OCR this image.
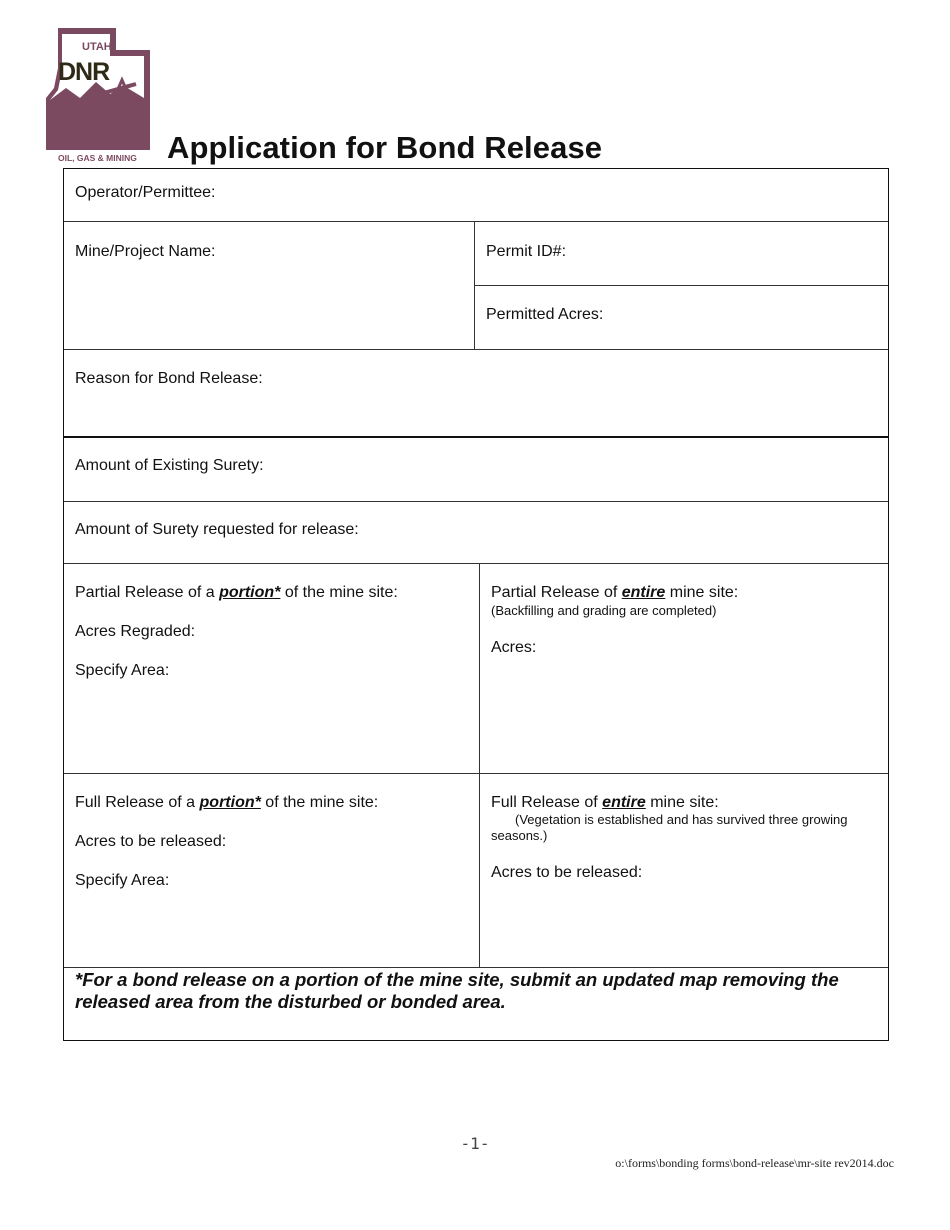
UTAH
DNR
OIL, GAS & MINING Application for Bond Release
Operator/Permittee:
Mine/Project Name:	Permit ID#:
Permitted Acres:
Reason for Bond Release:
Amount of Existing Surety:
Amount of Surety requested for release:
Partial Release of a portion* of the mine site:
Acres Regraded:
Specify Area:
Partial Release of entire mine site:
(Backfilling and grading are completed)
Acres:
Full Release of a portion* of the mine site:
Acres to be released:
Specify Area:
Full Release of entire mine site:
(Vegetation is established and has survived three growing
seasons.)
Acres to be released:
*For a bond release on a portion of the mine site, submit an updated map removing the
released area from the disturbed or bonded area.
-1-
o:\forms\bonding forms\bond-release\mr-site rev2014.doc
